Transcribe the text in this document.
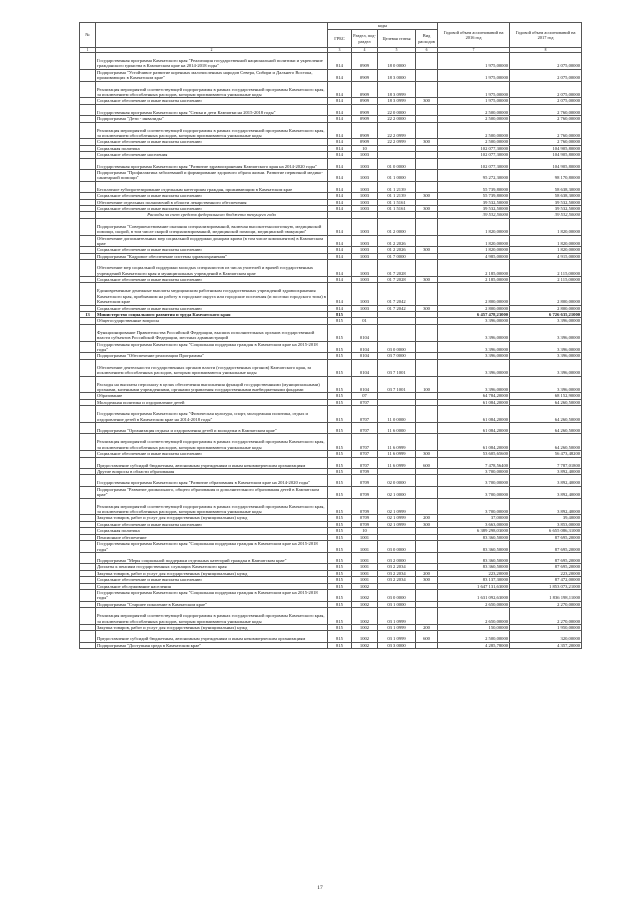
№		коды				Годовой объем ассигнований на 2016 год	Годовой объем ассигнований на 2017 год
		ГРБС	Раздел, под-раздел	Целевая статья	Вид расходов		
1	2	3	4	5	6	7	8
	Государственная программа Камчатского края "Реализация государственной национальной политики и укрепление гражданского единства в Камчатском крае на 2014-2018 годы"	814	0909	18 0 0000		1 975,00000	2 075,00000
	Подпрограмма "Устойчивое развитие коренных малочисленных народов Севера, Сибири и Дальнего Востока, проживающих в Камчатском крае"	814	0909	18 3 0000		1 975,00000	2 075,00000
	Реализация мероприятий соответствующей подпрограммы в рамках государственной программы Камчатского края, за исключением обособленных расходов, которым присваиваются уникальные коды	814	0909	18 3 0999		1 975,00000	2 075,00000
	Социальное обеспечение и иные выплаты населению	814	0909	18 3 0999	300	1 975,00000	2 075,00000
	Государственная программа Камчатского края "Семья и дети Камчатки на 2015-2018 годы"	814	0909	22 0 0000		2 500,00000	2 760,00000
	Подпрограмма "Дети - инвалиды"	814	0909	22 2 0000		2 500,00000	2 760,00000
	Реализация мероприятий соответствующей подпрограммы в рамках государственной программы Камчатского края, за исключением обособленных расходов, которым присваиваются уникальные коды	814	0909	22 2 0999		2 500,00000	2 760,00000
	Социальное обеспечение и иные выплаты населению	814	0909	22 2 0999	300	2 500,00000	2 760,00000
	Социальная политика	814	10			102 077,30000	104 905,80000
	Социальное обеспечение населения	814	1003			102 077,30000	104 905,80000
	Государственная программа Камчатского края "Развитие здравоохранения Камчатского края на 2014-2020 годы"	814	1003	01 0 0000		102 077,30000	104 905,80000
	Подпрограмма "Профилактика заболеваний и формирование здорового образа жизни. Развитие первичной медико-санитарной помощи"	814	1003	01 1 0000		95 272,30000	98 170,80000
	Бесплатное зубопротезирование отдельным категориям граждан, проживающим в Камчатском крае	814	1003	01 1 2139		55 739,80000	58 638,30000
	Социальное обеспечение и иные выплаты населению	814	1003	01 1 2139	300	55 739,80000	58 638,30000
	Обеспечение отдельных полномочий в области лекарственного обеспечения	814	1003	01 1 5161		39 532,50000	39 532,50000
	Социальное обеспечение и иные выплаты населению	814	1003	01 1 5161	300	39 532,50000	39 532,50000
	Расходы за счет средств федерального бюджета текущего года					39 532,50000	39 532,50000
	Подпрограмма "Совершенствование оказания специализированной, включая высокотехнологичную, медицинской помощи, скорой, в том числе скорой специализированной, медицинской помощи, медицинской эвакуации"	814	1003	01 2 0000		1 820,00000	1 820,00000
	Обеспечение дополнительных мер социальной поддержки донорам крови (в том числе компонентов) в Камчатском крае	814	1003	01 2 2026		1 820,00000	1 820,00000
	Социальное обеспечение и иные выплаты населению	814	1003	01 2 2026	300	1 820,00000	1 820,00000
	Подпрограмма "Кадровое обеспечение системы здравоохранения"	814	1003	01 7 0000		4 985,00000	4 915,00000
	Обеспечение мер социальной поддержки молодых специалистов из числа учителей и врачей государственных учреждений Камчатского края и муниципальных учреждений в Камчатском крае	814	1003	01 7 2028		2 185,00000	2 115,00000
	Социальное обеспечение и иные выплаты населению	814	1003	01 7 2028	300	2 185,00000	2 115,00000
	Единовременные денежные выплаты медицинским работникам государственных учреждений здравоохранения Камчатского края, прибывшим на работу в городские округа или городские поселения (и поселки городского типа) в Камчатском крае	814	1003	01 7 2042		2 800,00000	2 800,00000
	Социальное обеспечение и иные выплаты населению	814	1003	01 7 2042	300	2 800,00000	2 800,00000
13	Министерство социального развития и труда Камчатского края	815				6 457 478,23000	6 726 635,21000
	Общегосударственные вопросы	815	01			3 396,00000	3 396,00000
	Функционирование Правительства Российской Федерации, высших исполнительных органов государственной власти субъектов Российской Федерации, местных администраций	815	0104			3 396,00000	3 396,00000
	Государственная программа Камчатского края "Социальная поддержка граждан в Камчатском крае на 2015-2018 годы"	815	0104	03 0 0000		3 396,00000	3 396,00000
	Подпрограмма "Обеспечение реализации Программы"	815	0104	03 7 0000		3 396,00000	3 396,00000
	Обеспечение деятельности государственных органов власти (государственных органов) Камчатского края, за исключением обособленных расходов, которым присваиваются уникальные коды	815	0104	03 7 1001		3 396,00000	3 396,00000
	Расходы на выплаты персоналу в целях обеспечения выполнения функций государственными (муниципальными) органами, казенными учреждениями, органами управления государственными внебюджетными фондами	815	0104	03 7 1001	100	3 396,00000	3 396,00000
	Образование	815	07			64 784,20000	68 152,90000
	Молодежная политика и оздоровление детей	815	0707			61 084,20000	64 260,50000
	Государственная программа Камчатского края "Физическая культура, спорт, молодежная политика, отдых и оздоровление детей в Камчатском крае на 2014-2018 годы"	815	0707	11 0 0000		61 084,20000	64 260,50000
	Подпрограмма "Организация отдыха и оздоровления детей и молодежи в Камчатском крае"	815	0707	11 6 0000		61 084,20000	64 260,50000
	Реализация мероприятий соответствующей подпрограммы в рамках государственной программы Камчатского края, за исключением обособленных расходов, которым присваиваются уникальные коды	815	0707	11 6 0999		61 084,20000	64 260,50000
	Социальное обеспечение и иные выплаты населению	815	0707	11 6 0999	300	53 605,65600	56 473,48200
	Предоставление субсидий бюджетным, автономным учреждениям и иным некоммерческим организациям	815	0707	11 6 0999	600	7 478,56400	7 787,01800
	Другие вопросы в области образования	815	0709			3 700,00000	3 892,40000
	Государственная программа Камчатского края "Развитие образования в Камчатском крае на 2014-2020 годы"	815	0709	02 0 0000		3 700,00000	3 892,40000
	Подпрограмма "Развитие дошкольного, общего образования и дополнительного образования детей в Камчатском крае"	815	0709	02 1 0000		3 700,00000	3 892,40000
	Реализация мероприятий соответствующей подпрограммы в рамках государственной программы Камчатского края, за исключением обособленных расходов, которым присваиваются уникальные коды	815	0709	02 1 0999		3 700,00000	3 892,40000
	Закупка товаров, работ и услуг для государственных (муниципальных) нужд	815	0709	02 1 0999	200	37,00000	39,40000
	Социальное обеспечение и иные выплаты населению	815	0709	02 1 0999	300	3 663,00000	3 853,00000
	Социальная политика	815	10			6 389 298,03000	6 655 086,31000
	Пенсионное обеспечение	815	1001			83 360,50000	87 695,20000
	Государственная программа Камчатского края "Социальная поддержка граждан в Камчатском крае на 2015-2018 годы"	815	1001	03 0 0000		83 360,50000	87 695,20000
	Подпрограмма "Меры социальной поддержки отдельных категорий граждан в Камчатском крае"	815	1001	03 2 0000		83 360,50000	87 695,20000
	Доплаты к пенсиям государственных служащих Камчатского края	815	1001	03 2 2034		83 360,50000	87 695,20000
	Закупка товаров, работ и услуг для государственных (муниципальных) нужд	815	1001	03 2 2034	200	223,20000	223,20000
	Социальное обеспечение и иные выплаты населению	815	1001	03 2 2034	300	83 137,30000	87 472,00000
	Социальное обслуживание населения	815	1002			1 647 131,63000	1 853 073,21000
	Государственная программа Камчатского края "Социальная поддержка граждан в Камчатском крае на 2015-2018 годы"	815	1002	03 0 0000		1 631 092,63000	1 836 198,11000
	Подпрограмма "Старшее поколение в Камчатском крае"	815	1002	03 1 0000		2 650,00000	2 270,00000
	Реализация мероприятий соответствующей подпрограммы в рамках государственной программы Камчатского края, за исключением обособленных расходов, которым присваиваются уникальные коды	815	1002	03 1 0999		2 650,00000	2 270,00000
	Закупка товаров, работ и услуг для государственных (муниципальных) нужд	815	1002	03 1 0999	200	150,00000	1 950,00000
	Предоставление субсидий бюджетным, автономным учреждениям и иным некоммерческим организациям	815	1002	03 1 0999	600	2 500,00000	320,00000
	Подпрограмма "Доступная среда в Камчатском крае"	815	1002	03 3 0000		4 285,78000	4 357,20000
17
